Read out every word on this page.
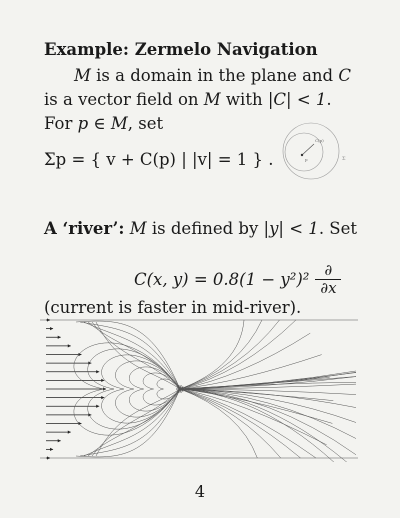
Example: Zermelo Navigation
M is a domain in the plane and C is a vector field on M with |C| < 1. For p ∈ M, set
Σp = { v + C(p) | |v| = 1 } .	p
C(p)
Σ
A ‘river’: M is defined by |y| < 1. Set
C(x, $y) = 0.8(1 - y^2)^2 \frac{\partial}{\partial x}$
(current is faster in mid-river).
4
